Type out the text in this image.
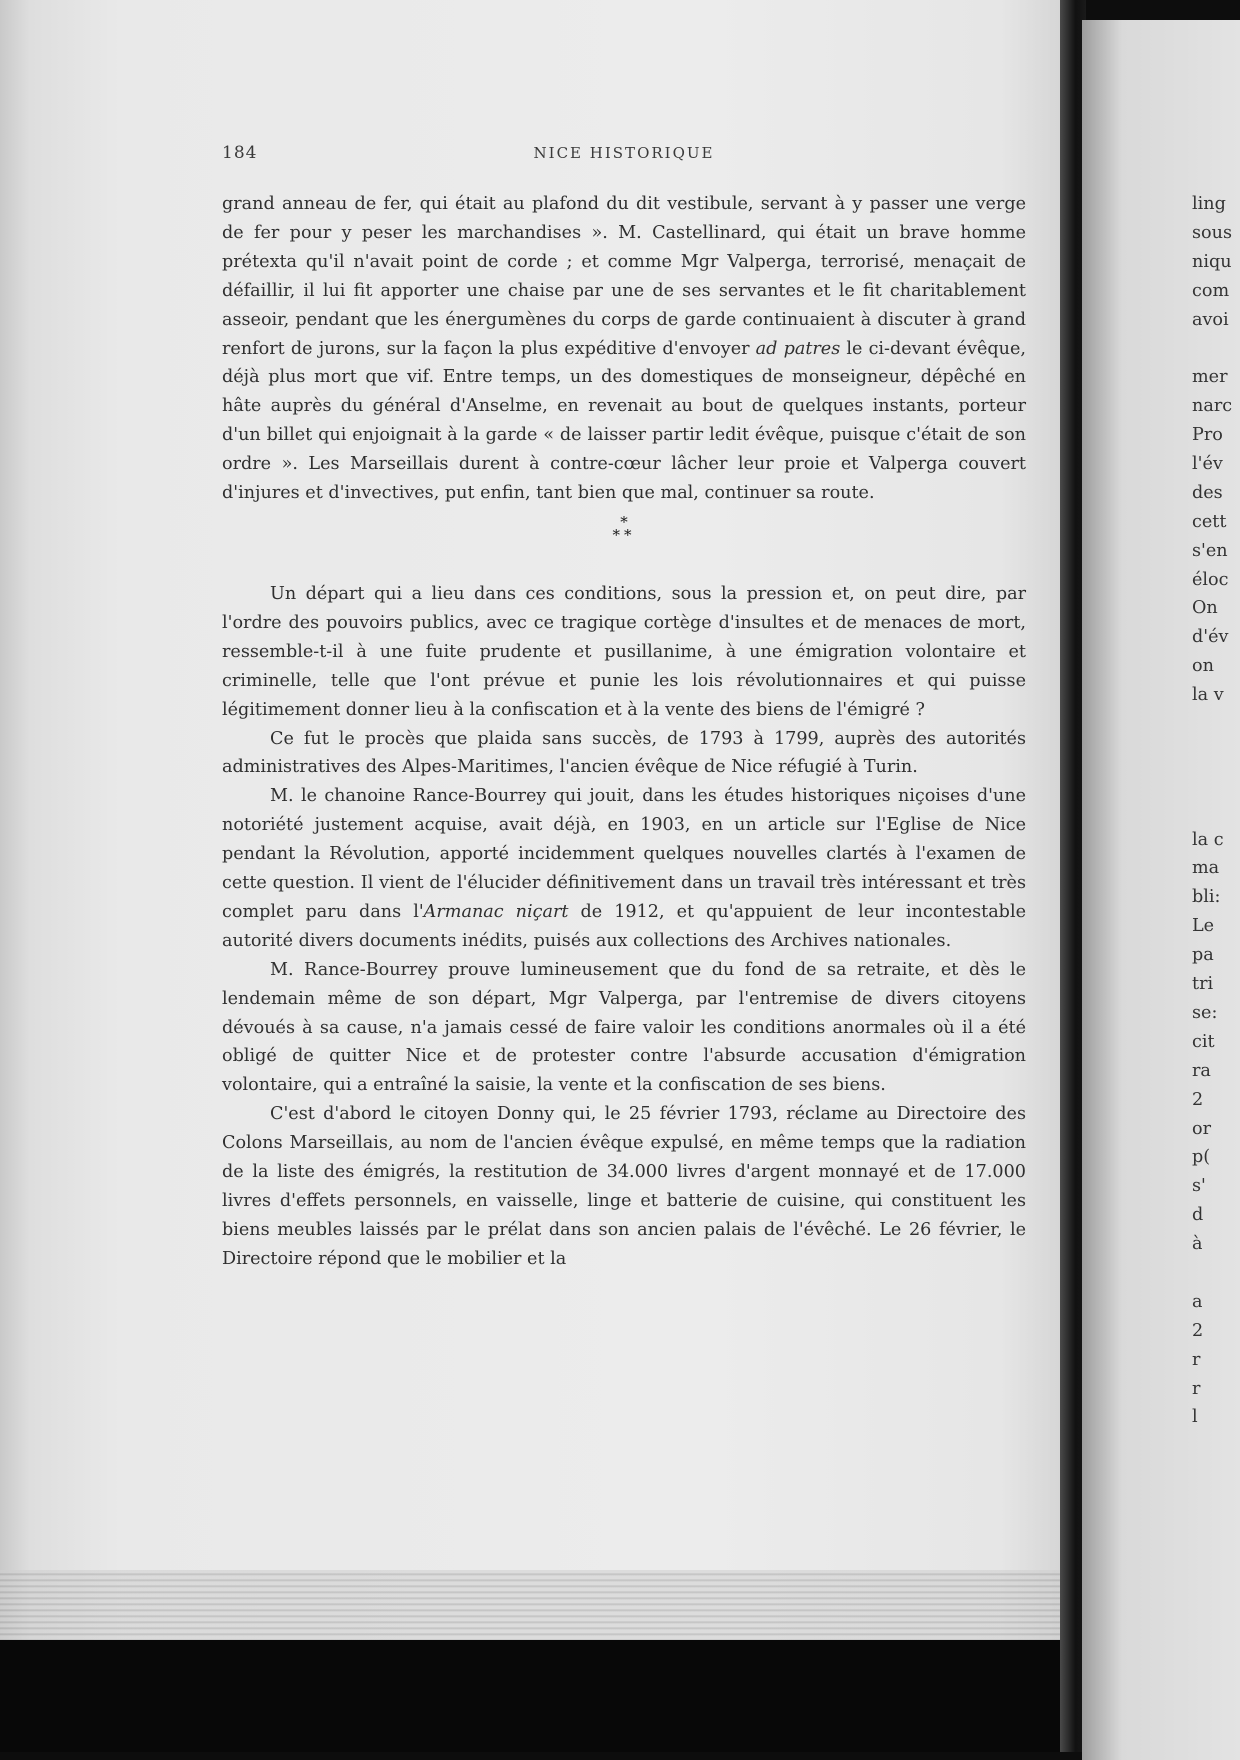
184	NICE HISTORIQUE

grand anneau de fer, qui était au plafond du dit vestibule, servant à y passer une verge de fer pour y peser les marchandises ». M. Castellinard, qui était un brave homme prétexta qu'il n'avait point de corde ; et comme Mgr Valperga, terrorisé, menaçait de défaillir, il lui fit apporter une chaise par une de ses servantes et le fit charitablement asseoir, pendant que les énergumènes du corps de garde continuaient à discuter à grand renfort de jurons, sur la façon la plus expéditive d'envoyer ad patres le ci-devant évêque, déjà plus mort que vif. Entre temps, un des domestiques de monseigneur, dépêché en hâte auprès du général d'Anselme, en revenait au bout de quelques instants, porteur d'un billet qui enjoignait à la garde « de laisser partir ledit évêque, puisque c'était de son ordre ». Les Marseillais durent à contre-cœur lâcher leur proie et Valperga couvert d'injures et d'invectives, put enfin, tant bien que mal, continuer sa route.

*
**

Un départ qui a lieu dans ces conditions, sous la pression et, on peut dire, par l'ordre des pouvoirs publics, avec ce tragique cortège d'insultes et de menaces de mort, ressemble-t-il à une fuite prudente et pusillanime, à une émigration volontaire et criminelle, telle que l'ont prévue et punie les lois révolutionnaires et qui puisse légitimement donner lieu à la confiscation et à la vente des biens de l'émigré ?

Ce fut le procès que plaida sans succès, de 1793 à 1799, auprès des autorités administratives des Alpes-Maritimes, l'ancien évêque de Nice réfugié à Turin.

M. le chanoine Rance-Bourrey qui jouit, dans les études historiques niçoises d'une notoriété justement acquise, avait déjà, en 1903, en un article sur l'Eglise de Nice pendant la Révolution, apporté incidemment quelques nouvelles clartés à l'examen de cette question. Il vient de l'élucider définitivement dans un travail très intéressant et très complet paru dans l'Armanac niçart de 1912, et qu'appuient de leur incontestable autorité divers documents inédits, puisés aux collections des Archives nationales.

M. Rance-Bourrey prouve lumineusement que du fond de sa retraite, et dès le lendemain même de son départ, Mgr Valperga, par l'entremise de divers citoyens dévoués à sa cause, n'a jamais cessé de faire valoir les conditions anormales où il a été obligé de quitter Nice et de protester contre l'absurde accusation d'émigration volontaire, qui a entraîné la saisie, la vente et la confiscation de ses biens.

C'est d'abord le citoyen Donny qui, le 25 février 1793, réclame au Directoire des Colons Marseillais, au nom de l'ancien évêque expulsé, en même temps que la radiation de la liste des émigrés, la restitution de 34.000 livres d'argent monnayé et de 17.000 livres d'effets personnels, en vaisselle, linge et batterie de cuisine, qui constituent les biens meubles laissés par le prélat dans son ancien palais de l'évêché. Le 26 février, le Directoire répond que le mobilier et la

ling
sous
niqu
com
avoi
mer
narc
Pro
l'év
des
cett
s'en
éloc
On
d'év
on
la v
la c
ma
bli:
Le
pa
tri
se:
cit
ra
2
or
p(
s'
d
à
a
2
r
r
l
